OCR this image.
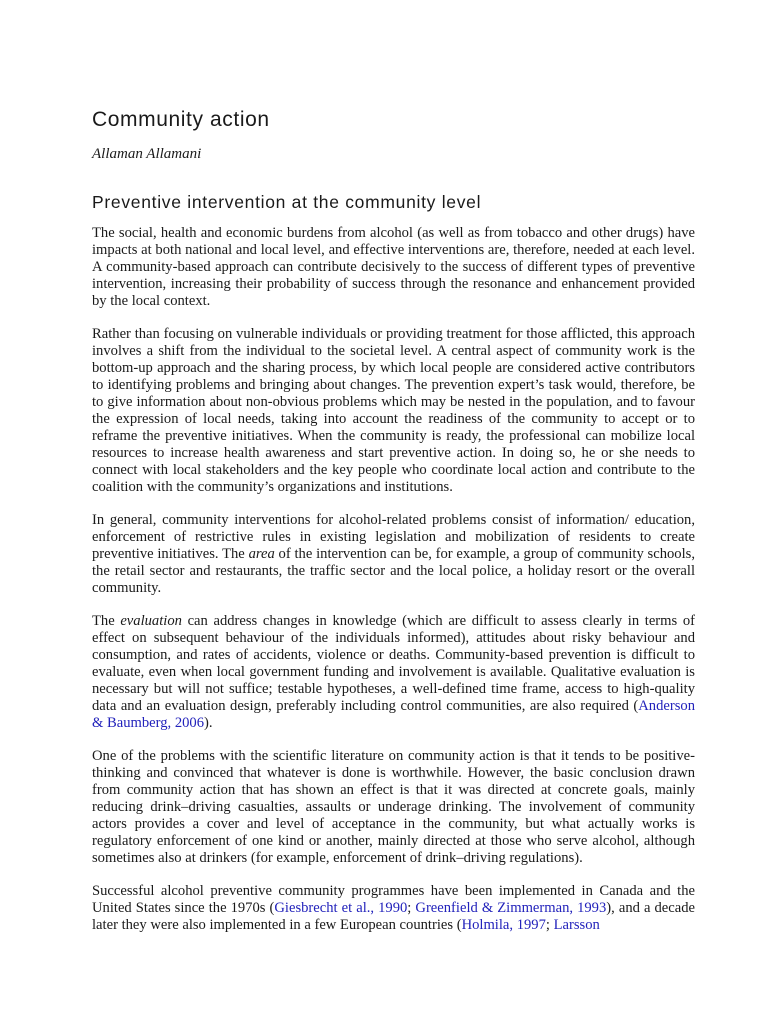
Community action
Allaman Allamani
Preventive intervention at the community level

The social, health and economic burdens from alcohol (as well as from tobacco and other drugs) have impacts at both national and local level, and effective interventions are, therefore, needed at each level. A community-based approach can contribute decisively to the success of different types of preventive intervention, increasing their probability of success through the resonance and enhancement provided by the local context.

Rather than focusing on vulnerable individuals or providing treatment for those afflicted, this approach involves a shift from the individual to the societal level. A central aspect of community work is the bottom-up approach and the sharing process, by which local people are considered active contributors to identifying problems and bringing about changes. The prevention expert’s task would, therefore, be to give information about non-obvious problems which may be nested in the population, and to favour the expression of local needs, taking into account the readiness of the community to accept or to reframe the preventive initiatives. When the community is ready, the professional can mobilize local resources to increase health awareness and start preventive action. In doing so, he or she needs to connect with local stakeholders and the key people who coordinate local action and contribute to the coalition with the community’s organizations and institutions.

In general, community interventions for alcohol-related problems consist of information/ education, enforcement of restrictive rules in existing legislation and mobilization of residents to create preventive initiatives. The area of the intervention can be, for example, a group of community schools, the retail sector and restaurants, the traffic sector and the local police, a holiday resort or the overall community.

The evaluation can address changes in knowledge (which are difficult to assess clearly in terms of effect on subsequent behaviour of the individuals informed), attitudes about risky behaviour and consumption, and rates of accidents, violence or deaths. Community-based prevention is difficult to evaluate, even when local government funding and involvement is available. Qualitative evaluation is necessary but will not suffice; testable hypotheses, a well-defined time frame, access to high-quality data and an evaluation design, preferably including control communities, are also required (Anderson & Baumberg, 2006).

One of the problems with the scientific literature on community action is that it tends to be positive-thinking and convinced that whatever is done is worthwhile. However, the basic conclusion drawn from community action that has shown an effect is that it was directed at concrete goals, mainly reducing drink–driving casualties, assaults or underage drinking. The involvement of community actors provides a cover and level of acceptance in the community, but what actually works is regulatory enforcement of one kind or another, mainly directed at those who serve alcohol, although sometimes also at drinkers (for example, enforcement of drink–driving regulations).

Successful alcohol preventive community programmes have been implemented in Canada and the United States since the 1970s (Giesbrecht et al., 1990; Greenfield & Zimmerman, 1993), and a decade later they were also implemented in a few European countries (Holmila, 1997; Larsson
